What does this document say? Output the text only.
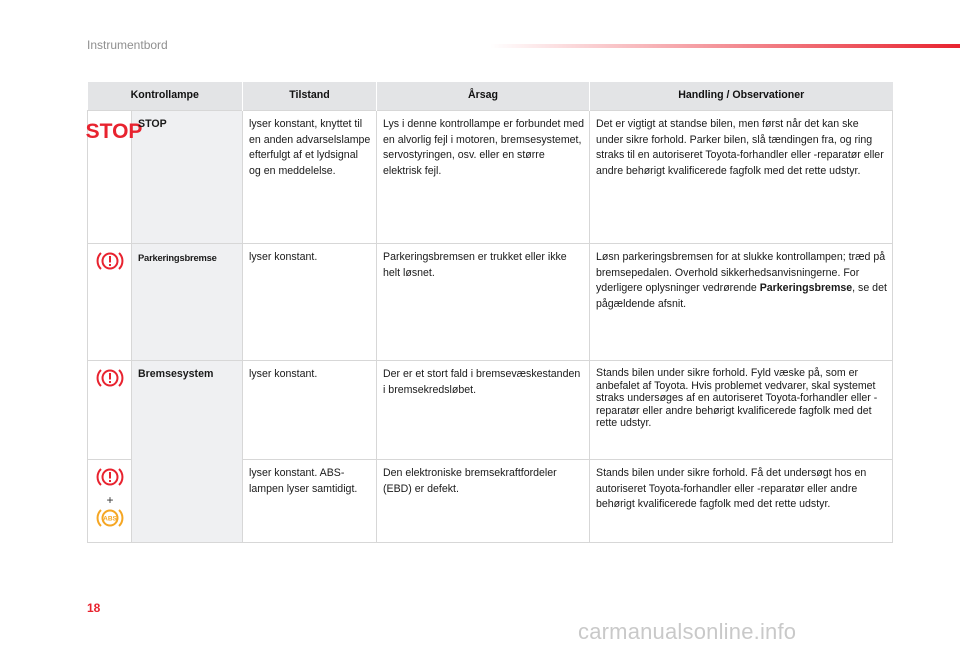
Instrumentbord
Kontrollampe		Tilstand	Årsag	Handling / Observationer

STOP	STOP	lyser konstant, knyttet til en anden advarselslampe efterfulgt af et lydsignal og en meddelelse.	Lys i denne kontrollampe er forbundet med en alvorlig fejl i motoren, bremsesystemet, servostyringen, osv. eller en større elektrisk fejl.	Det er vigtigt at standse bilen, men først når det kan ske under sikre forhold. Parker bilen, slå tændingen fra, og ring straks til en autoriseret Toyota-forhandler eller -reparatør eller andre behørigt kvalificerede fagfolk med det rette udstyr.
	Parkeringsbremse	lyser konstant.	Parkeringsbremsen er trukket eller ikke helt løsnet.	Løsn parkeringsbremsen for at slukke kontrollampen; træd på bremsepedalen. Overhold sikkerhedsanvisningerne. For yderligere oplysninger vedrørende Parkeringsbremse, se det pågældende afsnit.
	Bremsesystem	lyser konstant.	Der er et stort fald i bremsevæskestanden i bremsekredsløbet.	Stands bilen under sikre forhold. Fyld væske på, som er anbefalet af Toyota. Hvis problemet vedvarer, skal systemet straks undersøges af en autoriseret Toyota-forhandler eller -reparatør eller andre behørigt kvalificerede fagfolk med det rette udstyr.

+
ABS		lyser konstant. ABS-lampen lyser samtidigt.	Den elektroniske bremsekraftfordeler (EBD) er defekt.	Stands bilen under sikre forhold. Få det undersøgt hos en autoriseret Toyota-forhandler eller -reparatør eller andre behørigt kvalificerede fagfolk med det rette udstyr.
18
carmanualsonline.info
